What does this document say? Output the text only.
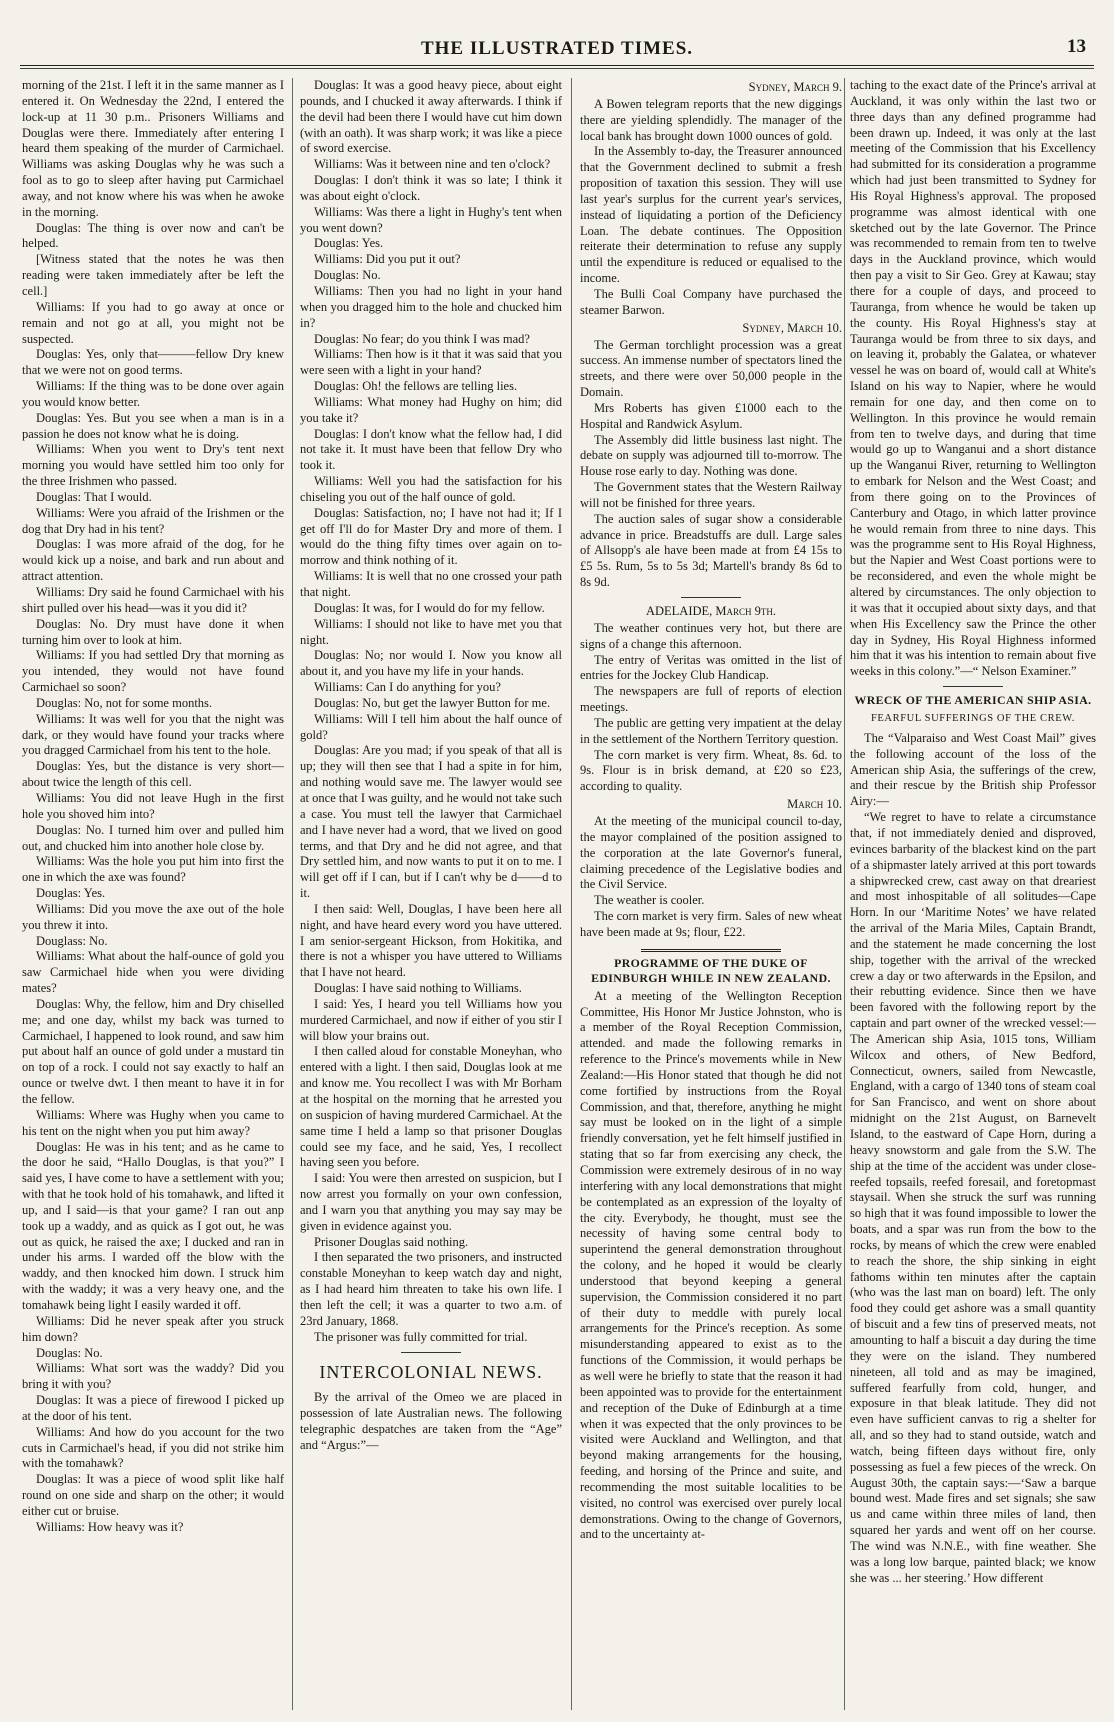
THE ILLUSTRATED TIMES.	13

morning of the 21st. I left it in the same manner as I entered it. On Wednesday the 22nd, I entered the lock-up at 11 30 p.m.. Prisoners Williams and Douglas were there. Immediately after entering I heard them speaking of the murder of Carmichael. Williams was asking Douglas why he was such a fool as to go to sleep after having put Carmichael away, and not know where his was when he awoke in the morning.

Douglas: The thing is over now and can't be helped.

[Witness stated that the notes he was then reading were taken immediately after be left the cell.]

Williams: If you had to go away at once or remain and not go at all, you might not be suspected.

Douglas: Yes, only that———fellow Dry knew that we were not on good terms.

Williams: If the thing was to be done over again you would know better.

Douglas: Yes. But you see when a man is in a passion he does not know what he is doing.

Williams: When you went to Dry's tent next morning you would have settled him too only for the three Irishmen who passed.

Douglas: That I would.

Williams: Were you afraid of the Irishmen or the dog that Dry had in his tent?

Douglas: I was more afraid of the dog, for he would kick up a noise, and bark and run about and attract attention.

Williams: Dry said he found Carmichael with his shirt pulled over his head—was it you did it?

Douglas: No. Dry must have done it when turning him over to look at him.

Williams: If you had settled Dry that morning as you intended, they would not have found Carmichael so soon?

Douglas: No, not for some months.

Williams: It was well for you that the night was dark, or they would have found your tracks where you dragged Carmichael from his tent to the hole.

Douglas: Yes, but the distance is very short—about twice the length of this cell.

Williams: You did not leave Hugh in the first hole you shoved him into?

Douglas: No. I turned him over and pulled him out, and chucked him into another hole close by.

Williams: Was the hole you put him into first the one in which the axe was found?

Douglas: Yes.

Williams: Did you move the axe out of the hole you threw it into.

Douglass: No.

Williams: What about the half-ounce of gold you saw Carmichael hide when you were dividing mates?

Douglas: Why, the fellow, him and Dry chiselled me; and one day, whilst my back was turned to Carmichael, I happened to look round, and saw him put about half an ounce of gold under a mustard tin on top of a rock. I could not say exactly to half an ounce or twelve dwt. I then meant to have it in for the fellow.

Williams: Where was Hughy when you came to his tent on the night when you put him away?

Douglas: He was in his tent; and as he came to the door he said, “Hallo Douglas, is that you?” I said yes, I have come to have a settlement with you; with that he took hold of his tomahawk, and lifted it up, and I said—is that your game? I ran out anp took up a waddy, and as quick as I got out, he was out as quick, he raised the axe; I ducked and ran in under his arms. I warded off the blow with the waddy, and then knocked him down. I struck him with the waddy; it was a very heavy one, and the tomahawk being light I easily warded it off.

Williams: Did he never speak after you struck him down?

Douglas: No.

Williams: What sort was the waddy? Did you bring it with you?

Douglas: It was a piece of firewood I picked up at the door of his tent.

Williams: And how do you account for the two cuts in Carmichael's head, if you did not strike him with the tomahawk?

Douglas: It was a piece of wood split like half round on one side and sharp on the other; it would either cut or bruise.

Williams: How heavy was it?

Douglas: It was a good heavy piece, about eight pounds, and I chucked it away afterwards. I think if the devil had been there I would have cut him down (with an oath). It was sharp work; it was like a piece of sword exercise.

Williams: Was it between nine and ten o'clock?

Douglas: I don't think it was so late; I think it was about eight o'clock.

Williams: Was there a light in Hughy's tent when you went down?

Douglas: Yes.

Williams: Did you put it out?

Douglas: No.

Williams: Then you had no light in your hand when you dragged him to the hole and chucked him in?

Douglas: No fear; do you think I was mad?

Williams: Then how is it that it was said that you were seen with a light in your hand?

Douglas: Oh! the fellows are telling lies.

Williams: What money had Hughy on him; did you take it?

Douglas: I don't know what the fellow had, I did not take it. It must have been that fellow Dry who took it.

Williams: Well you had the satisfaction for his chiseling you out of the half ounce of gold.

Douglas: Satisfaction, no; I have not had it; If I get off I'll do for Master Dry and more of them. I would do the thing fifty times over again on to-morrow and think nothing of it.

Williams: It is well that no one crossed your path that night.

Douglas: It was, for I would do for my fellow.

Williams: I should not like to have met you that night.

Douglas: No; nor would I. Now you know all about it, and you have my life in your hands.

Williams: Can I do anything for you?

Douglas: No, but get the lawyer Button for me.

Williams: Will I tell him about the half ounce of gold?

Douglas: Are you mad; if you speak of that all is up; they will then see that I had a spite in for him, and nothing would save me. The lawyer would see at once that I was guilty, and he would not take such a case. You must tell the lawyer that Carmichael and I have never had a word, that we lived on good terms, and that Dry and he did not agree, and that Dry settled him, and now wants to put it on to me. I will get off if I can, but if I can't why be d——d to it.

I then said: Well, Douglas, I have been here all night, and have heard every word you have uttered. I am senior-sergeant Hickson, from Hokitika, and there is not a whisper you have uttered to Williams that I have not heard.

Douglas: I have said nothing to Williams.

I said: Yes, I heard you tell Williams how you murdered Carmichael, and now if either of you stir I will blow your brains out.

I then called aloud for constable Moneyhan, who entered with a light. I then said, Douglas look at me and know me. You recollect I was with Mr Borham at the hospital on the morning that he arrested you on suspicion of having murdered Carmichael. At the same time I held a lamp so that prisoner Douglas could see my face, and he said, Yes, I recollect having seen you before.

I said: You were then arrested on suspicion, but I now arrest you formally on your own confession, and I warn you that anything you may say may be given in evidence against you.

Prisoner Douglas said nothing.

I then separated the two prisoners, and instructed constable Moneyhan to keep watch day and night, as I had heard him threaten to take his own life. I then left the cell; it was a quarter to two a.m. of 23rd January, 1868.

The prisoner was fully committed for trial.

INTERCOLONIAL NEWS.

By the arrival of the Omeo we are placed in possession of late Australian news. The following telegraphic despatches are taken from the “Age” and “Argus:”—

Sydney, March 9.

A Bowen telegram reports that the new diggings there are yielding splendidly. The manager of the local bank has brought down 1000 ounces of gold.

In the Assembly to-day, the Treasurer announced that the Government declined to submit a fresh proposition of taxation this session. They will use last year's surplus for the current year's services, instead of liquidating a portion of the Deficiency Loan. The debate continues. The Opposition reiterate their determination to refuse any supply until the expenditure is reduced or equalised to the income.

The Bulli Coal Company have purchased the steamer Barwon.

Sydney, March 10.

The German torchlight procession was a great success. An immense number of spectators lined the streets, and there were over 50,000 people in the Domain.

Mrs Roberts has given £1000 each to the Hospital and Randwick Asylum.

The Assembly did little business last night. The debate on supply was adjourned till to-morrow. The House rose early to day. Nothing was done.

The Government states that the Western Railway will not be finished for three years.

The auction sales of sugar show a considerable advance in price. Breadstuffs are dull. Large sales of Allsopp's ale have been made at from £4 15s to £5 5s. Rum, 5s to 5s 3d; Martell's brandy 8s 6d to 8s 9d.

ADELAIDE, March 9th.

The weather continues very hot, but there are signs of a change this afternoon.

The entry of Veritas was omitted in the list of entries for the Jockey Club Handicap.

The newspapers are full of reports of election meetings.

The public are getting very impatient at the delay in the settlement of the Northern Territory question.

The corn market is very firm. Wheat, 8s. 6d. to 9s. Flour is in brisk demand, at £20 so £23, according to quality.

March 10.

At the meeting of the municipal council to-day, the mayor complained of the position assigned to the corporation at the late Governor's funeral, claiming precedence of the Legislative bodies and the Civil Service.

The weather is cooler.

The corn market is very firm. Sales of new wheat have been made at 9s; flour, £22.

PROGRAMME OF THE DUKE OF EDINBURGH WHILE IN NEW ZEALAND.

At a meeting of the Wellington Reception Committee, His Honor Mr Justice Johnston, who is a member of the Royal Reception Commission, attended. and made the following remarks in reference to the Prince's movements while in New Zealand:—His Honor stated that though he did not come fortified by instructions from the Royal Commission, and that, therefore, anything he might say must be looked on in the light of a simple friendly conversation, yet he felt himself justified in stating that so far from exercising any check, the Commission were extremely desirous of in no way interfering with any local demonstrations that might be contemplated as an expression of the loyalty of the city. Everybody, he thought, must see the necessity of having some central body to superintend the general demonstration throughout the colony, and he hoped it would be clearly understood that beyond keeping a general supervision, the Commission considered it no part of their duty to meddle with purely local arrangements for the Prince's reception. As some misunderstanding appeared to exist as to the functions of the Commission, it would perhaps be as well were he briefly to state that the reason it had been appointed was to provide for the entertainment and reception of the Duke of Edinburgh at a time when it was expected that the only provinces to be visited were Auckland and Wellington, and that beyond making arrangements for the housing, feeding, and horsing of the Prince and suite, and recommending the most suitable localities to be visited, no control was exercised over purely local demonstrations. Owing to the change of Governors, and to the uncertainty at-

taching to the exact date of the Prince's arrival at Auckland, it was only within the last two or three days than any defined programme had been drawn up. Indeed, it was only at the last meeting of the Commission that his Excellency had submitted for its consideration a programme which had just been transmitted to Sydney for His Royal Highness's approval. The proposed programme was almost identical with one sketched out by the late Governor. The Prince was recommended to remain from ten to twelve days in the Auckland province, which would then pay a visit to Sir Geo. Grey at Kawau; stay there for a couple of days, and proceed to Tauranga, from whence he would be taken up the county. His Royal Highness's stay at Tauranga would be from three to six days, and on leaving it, probably the Galatea, or whatever vessel he was on board of, would call at White's Island on his way to Napier, where he would remain for one day, and then come on to Wellington. In this province he would remain from ten to twelve days, and during that time would go up to Wanganui and a short distance up the Wanganui River, returning to Wellington to embark for Nelson and the West Coast; and from there going on to the Provinces of Canterbury and Otago, in which latter province he would remain from three to nine days. This was the programme sent to His Royal Highness, but the Napier and West Coast portions were to be reconsidered, and even the whole might be altered by circumstances. The only objection to it was that it occupied about sixty days, and that when His Excellency saw the Prince the other day in Sydney, His Royal Highness informed him that it was his intention to remain about five weeks in this colony.”—“ Nelson Examiner.”

WRECK OF THE AMERICAN SHIP ASIA.
FEARFUL SUFFERINGS OF THE CREW.

The “Valparaiso and West Coast Mail” gives the following account of the loss of the American ship Asia, the sufferings of the crew, and their rescue by the British ship Professor Airy:—

“We regret to have to relate a circumstance that, if not immediately denied and disproved, evinces barbarity of the blackest kind on the part of a shipmaster lately arrived at this port towards a shipwrecked crew, cast away on that dreariest and most inhospitable of all solitudes—Cape Horn. In our ‘Maritime Notes’ we have related the arrival of the Maria Miles, Captain Brandt, and the statement he made concerning the lost ship, together with the arrival of the wrecked crew a day or two afterwards in the Epsilon, and their rebutting evidence. Since then we have been favored with the following report by the captain and part owner of the wrecked vessel:—The American ship Asia, 1015 tons, William Wilcox and others, of New Bedford, Connecticut, owners, sailed from Newcastle, England, with a cargo of 1340 tons of steam coal for San Francisco, and went on shore about midnight on the 21st August, on Barnevelt Island, to the eastward of Cape Horn, during a heavy snowstorm and gale from the S.W. The ship at the time of the accident was under close-reefed topsails, reefed foresail, and foretopmast staysail. When she struck the surf was running so high that it was found impossible to lower the boats, and a spar was run from the bow to the rocks, by means of which the crew were enabled to reach the shore, the ship sinking in eight fathoms within ten minutes after the captain (who was the last man on board) left. The only food they could get ashore was a small quantity of biscuit and a few tins of preserved meats, not amounting to half a biscuit a day during the time they were on the island. They numbered nineteen, all told and as may be imagined, suffered fearfully from cold, hunger, and exposure in that bleak latitude. They did not even have sufficient canvas to rig a shelter for all, and so they had to stand outside, watch and watch, being fifteen days without fire, only possessing as fuel a few pieces of the wreck. On August 30th, the captain says:—‘Saw a barque bound west. Made fires and set signals; she saw us and came within three miles of land, then squared her yards and went off on her course. The wind was N.N.E., with fine weather. She was a long low barque, painted black; we know she was ... her steering.’ How different
